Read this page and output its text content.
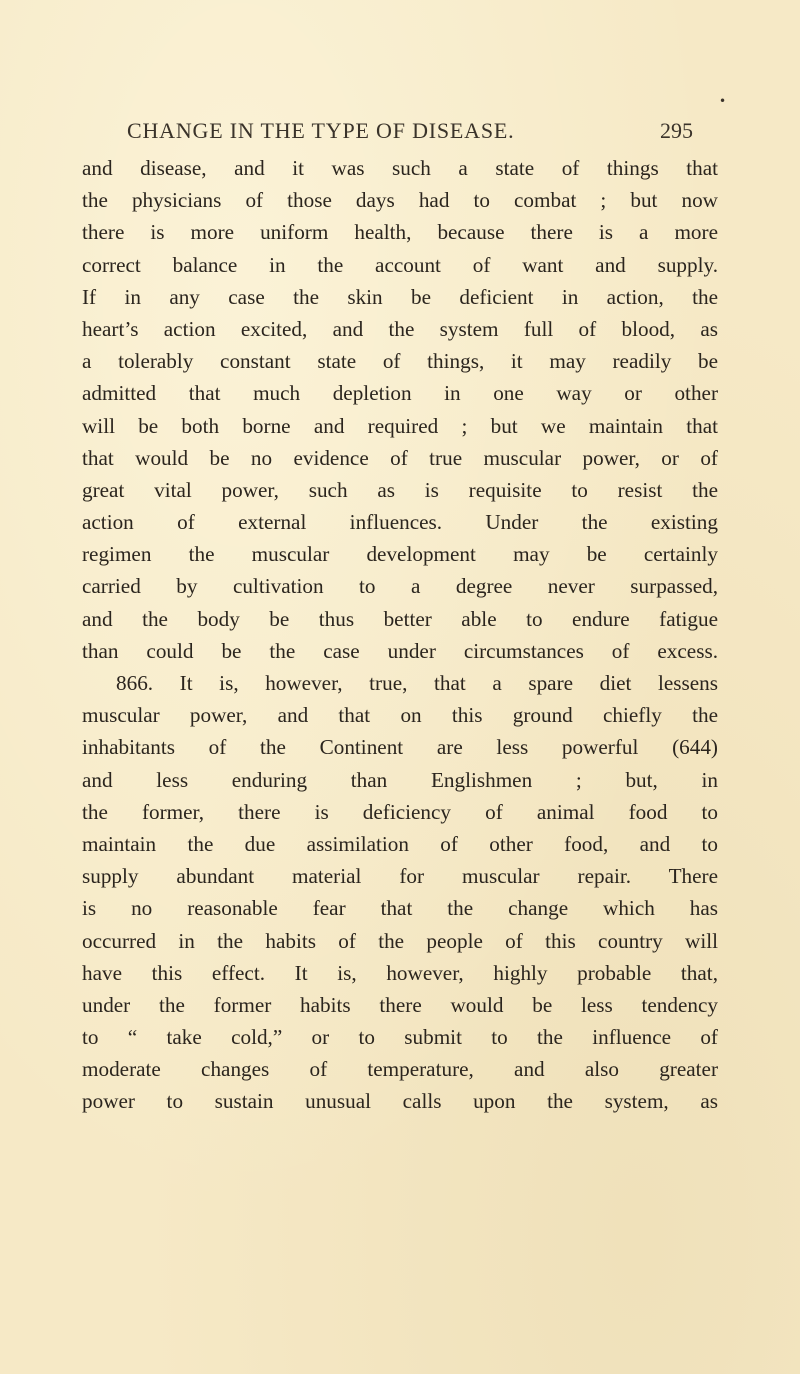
•
CHANGE IN THE TYPE OF DISEASE.	295
and disease, and it was such a state of things that
the physicians of those days had to combat ; but now
there is more uniform health, because there is a more
correct balance in the account of want and supply.
If in any case the skin be deficient in action, the
heart’s action excited, and the system full of blood, as
a tolerably constant state of things, it may readily be
admitted that much depletion in one way or other
will be both borne and required ; but we maintain that
that would be no evidence of true muscular power, or of
great vital power, such as is requisite to resist the
action of external influences. Under the existing
regimen the muscular development may be certainly
carried by cultivation to a degree never surpassed,
and the body be thus better able to endure fatigue
than could be the case under circumstances of excess.
866. It is, however, true, that a spare diet lessens
muscular power, and that on this ground chiefly the
inhabitants of the Continent are less powerful (644)
and less enduring than Englishmen ; but, in
the former, there is deficiency of animal food to
maintain the due assimilation of other food, and to
supply abundant material for muscular repair. There
is no reasonable fear that the change which has
occurred in the habits of the people of this country will
have this effect. It is, however, highly probable that,
under the former habits there would be less tendency
to “ take cold,” or to submit to the influence of
moderate changes of temperature, and also greater
power to sustain unusual calls upon the system, as
